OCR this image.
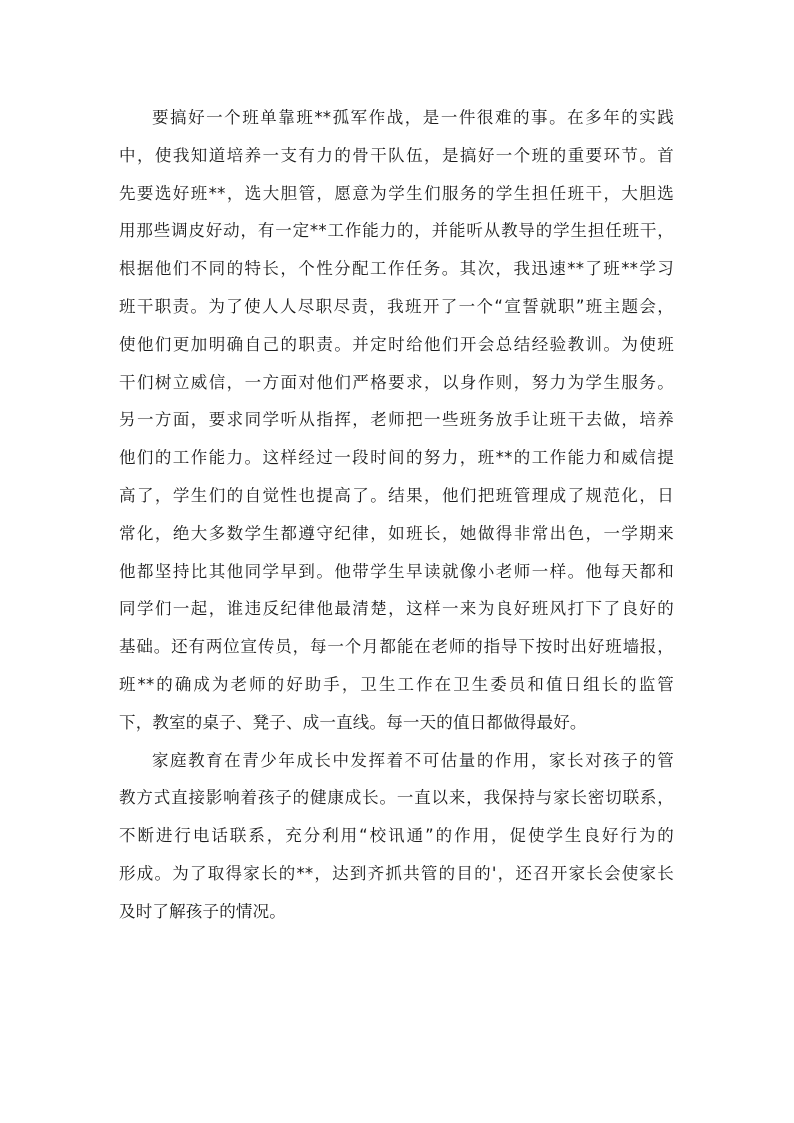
要搞好一个班单靠班**孤军作战，是一件很难的事。在多年的实践
中，使我知道培养一支有力的骨干队伍，是搞好一个班的重要环节。首
先要选好班**，选大胆管，愿意为学生们服务的学生担任班干，大胆选
用那些调皮好动，有一定**工作能力的，并能听从教导的学生担任班干，
根据他们不同的特长，个性分配工作任务。其次，我迅速**了班**学习
班干职责。为了使人人尽职尽责，我班开了一个“宣誓就职”班主题会，
使他们更加明确自己的职责。并定时给他们开会总结经验教训。为使班
干们树立威信，一方面对他们严格要求，以身作则，努力为学生服务。
另一方面，要求同学听从指挥，老师把一些班务放手让班干去做，培养
他们的工作能力。这样经过一段时间的努力，班**的工作能力和威信提
高了，学生们的自觉性也提高了。结果，他们把班管理成了规范化，日
常化，绝大多数学生都遵守纪律，如班长，她做得非常出色，一学期来
他都坚持比其他同学早到。他带学生早读就像小老师一样。他每天都和
同学们一起，谁违反纪律他最清楚，这样一来为良好班风打下了良好的
基础。还有两位宣传员，每一个月都能在老师的指导下按时出好班墙报，
班**的确成为老师的好助手，卫生工作在卫生委员和值日组长的监管
下，教室的桌子、凳子、成一直线。每一天的值日都做得最好。
家庭教育在青少年成长中发挥着不可估量的作用，家长对孩子的管
教方式直接影响着孩子的健康成长。一直以来，我保持与家长密切联系，
不断进行电话联系，充分利用“校讯通”的作用，促使学生良好行为的
形成。为了取得家长的**，达到齐抓共管的目的'，还召开家长会使家长
及时了解孩子的情况。
